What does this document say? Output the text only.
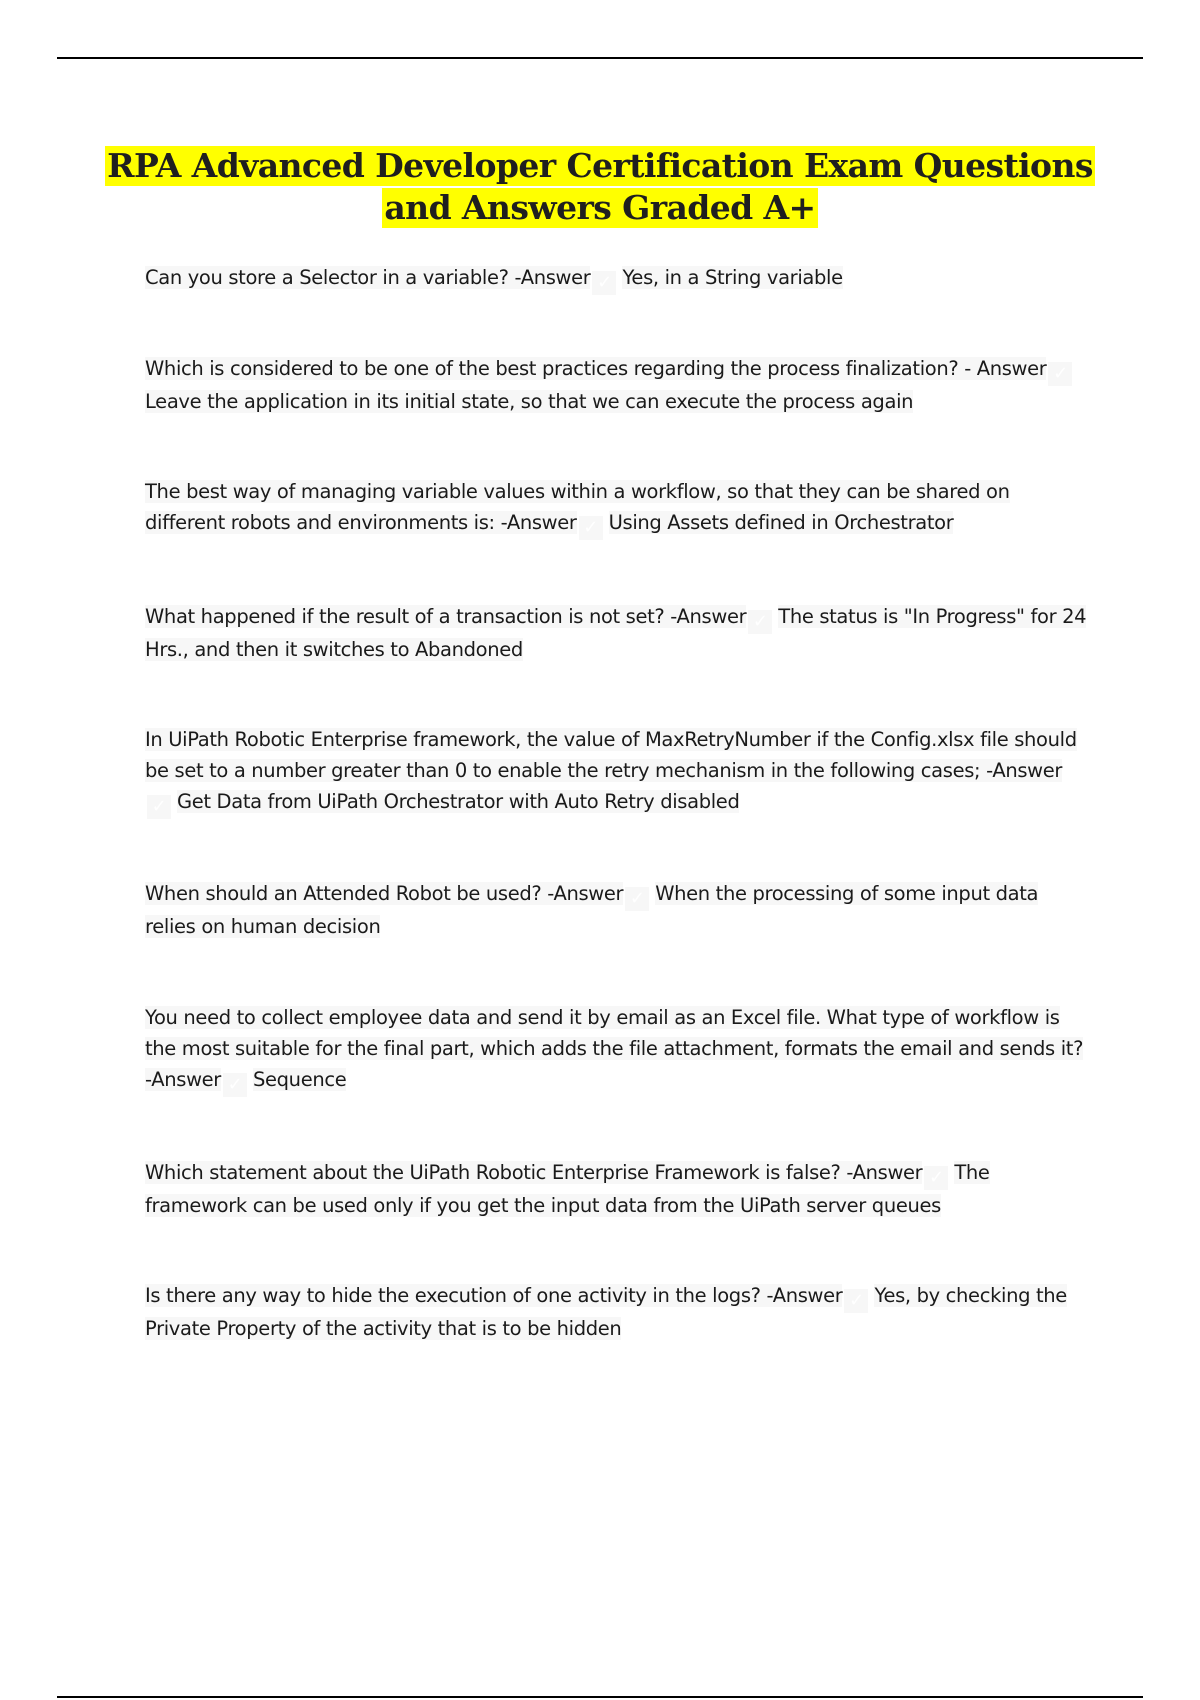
RPA Advanced Developer Certification Exam Questions
and Answers Graded A+
Can you store a Selector in a variable? -Answer ✓ Yes, in a String variable
Which is considered to be one of the best practices regarding the process finalization? - Answer ✓Leave the application in its initial state, so that we can execute the process again
The best way of managing variable values within a workflow, so that they can be shared on different robots and environments is: -Answer ✓ Using Assets defined in Orchestrator
What happened if the result of a transaction is not set? -Answer ✓ The status is "In Progress" for 24 Hrs., and then it switches to Abandoned
In UiPath Robotic Enterprise framework, the value of MaxRetryNumber if the Config.xlsx file should be set to a number greater than 0 to enable the retry mechanism in the following cases; -Answer✓ Get Data from UiPath Orchestrator with Auto Retry disabled
When should an Attended Robot be used? -Answer ✓ When the processing of some input data relies on human decision
You need to collect employee data and send it by email as an Excel file. What type of workflow is the most suitable for the final part, which adds the file attachment, formats the email and sends it? -Answer ✓ Sequence
Which statement about the UiPath Robotic Enterprise Framework is false? -Answer ✓ The framework can be used only if you get the input data from the UiPath server queues
Is there any way to hide the execution of one activity in the logs? -Answer ✓ Yes, by checking the Private Property of the activity that is to be hidden
